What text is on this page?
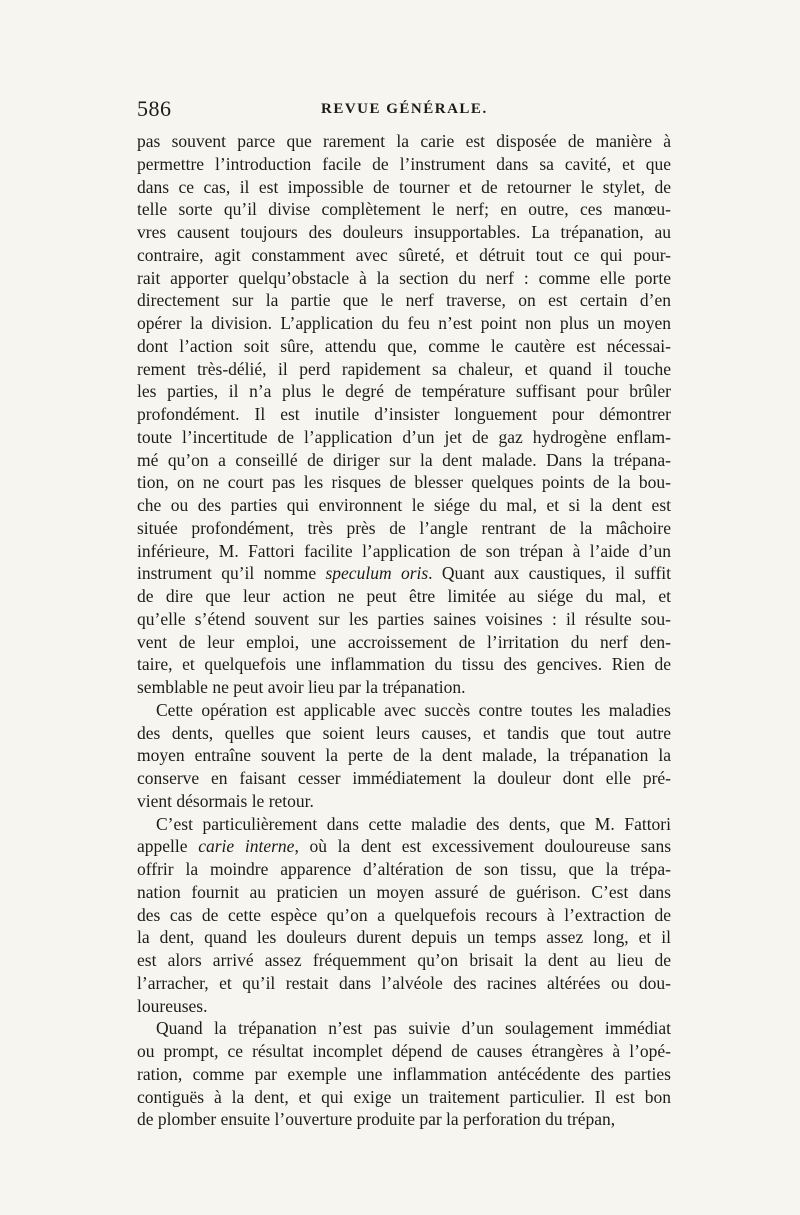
586	REVUE GÉNÉRALE.
pas souvent parce que rarement la carie est disposée de manière à
permettre l’introduction facile de l’instrument dans sa cavité, et que
dans ce cas, il est impossible de tourner et de retourner le stylet, de
telle sorte qu’il divise complètement le nerf; en outre, ces manœu-
vres causent toujours des douleurs insupportables. La trépanation, au
contraire, agit constamment avec sûreté, et détruit tout ce qui pour-
rait apporter quelqu’obstacle à la section du nerf : comme elle porte
directement sur la partie que le nerf traverse, on est certain d’en
opérer la division. L’application du feu n’est point non plus un moyen
dont l’action soit sûre, attendu que, comme le cautère est nécessai-
rement très-délié, il perd rapidement sa chaleur, et quand il touche
les parties, il n’a plus le degré de température suffisant pour brûler
profondément. Il est inutile d’insister longuement pour démontrer
toute l’incertitude de l’application d’un jet de gaz hydrogène enflam-
mé qu’on a conseillé de diriger sur la dent malade. Dans la trépana-
tion, on ne court pas les risques de blesser quelques points de la bou-
che ou des parties qui environnent le siége du mal, et si la dent est
située profondément, très près de l’angle rentrant de la mâchoire
inférieure, M. Fattori facilite l’application de son trépan à l’aide d’un
instrument qu’il nomme speculum oris. Quant aux caustiques, il suffit
de dire que leur action ne peut être limitée au siége du mal, et
qu’elle s’étend souvent sur les parties saines voisines : il résulte sou-
vent de leur emploi, une accroissement de l’irritation du nerf den-
taire, et quelquefois une inflammation du tissu des gencives. Rien de
semblable ne peut avoir lieu par la trépanation.
Cette opération est applicable avec succès contre toutes les maladies
des dents, quelles que soient leurs causes, et tandis que tout autre
moyen entraîne souvent la perte de la dent malade, la trépanation la
conserve en faisant cesser immédiatement la douleur dont elle pré-
vient désormais le retour.
C’est particulièrement dans cette maladie des dents, que M. Fattori
appelle carie interne, où la dent est excessivement douloureuse sans
offrir la moindre apparence d’altération de son tissu, que la trépa-
nation fournit au praticien un moyen assuré de guérison. C’est dans
des cas de cette espèce qu’on a quelquefois recours à l’extraction de
la dent, quand les douleurs durent depuis un temps assez long, et il
est alors arrivé assez fréquemment qu’on brisait la dent au lieu de
l’arracher, et qu’il restait dans l’alvéole des racines altérées ou dou-
loureuses.
Quand la trépanation n’est pas suivie d’un soulagement immédiat
ou prompt, ce résultat incomplet dépend de causes étrangères à l’opé-
ration, comme par exemple une inflammation antécédente des parties
contiguës à la dent, et qui exige un traitement particulier. Il est bon
de plomber ensuite l’ouverture produite par la perforation du trépan,
